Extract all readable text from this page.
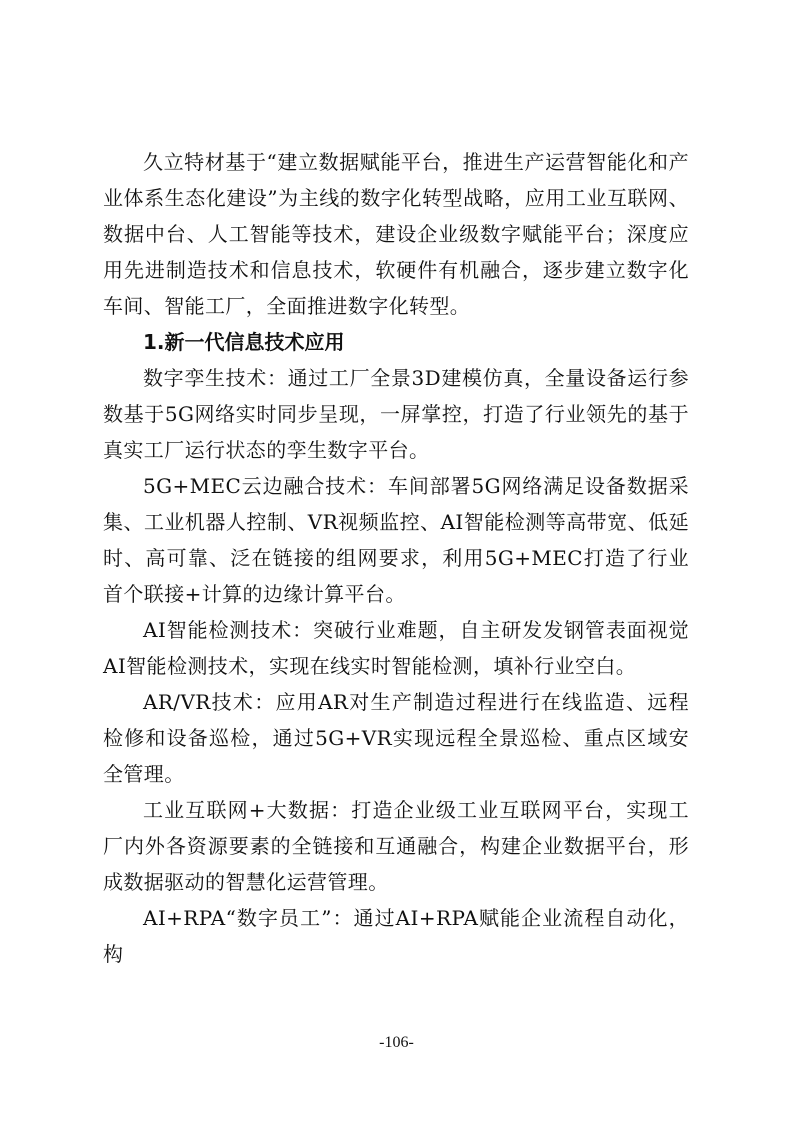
久立特材基于“建立数据赋能平台，推进生产运营智能化和产业体系生态化建设”为主线的数字化转型战略，应用工业互联网、数据中台、人工智能等技术，建设企业级数字赋能平台；深度应用先进制造技术和信息技术，软硬件有机融合，逐步建立数字化车间、智能工厂，全面推进数字化转型。

1.新一代信息技术应用

数字孪生技术：通过工厂全景3D建模仿真，全量设备运行参数基于5G网络实时同步呈现，一屏掌控，打造了行业领先的基于真实工厂运行状态的孪生数字平台。

5G+MEC云边融合技术：车间部署5G网络满足设备数据采集、工业机器人控制、VR视频监控、AI智能检测等高带宽、低延时、高可靠、泛在链接的组网要求，利用5G+MEC打造了行业首个联接+计算的边缘计算平台。

AI智能检测技术：突破行业难题，自主研发发钢管表面视觉AI智能检测技术，实现在线实时智能检测，填补行业空白。

AR/VR技术：应用AR对生产制造过程进行在线监造、远程检修和设备巡检，通过5G+VR实现远程全景巡检、重点区域安全管理。

工业互联网+大数据：打造企业级工业互联网平台，实现工厂内外各资源要素的全链接和互通融合，构建企业数据平台，形成数据驱动的智慧化运营管理。

AI+RPA“数字员工”：通过AI+RPA赋能企业流程自动化，构

-106-
